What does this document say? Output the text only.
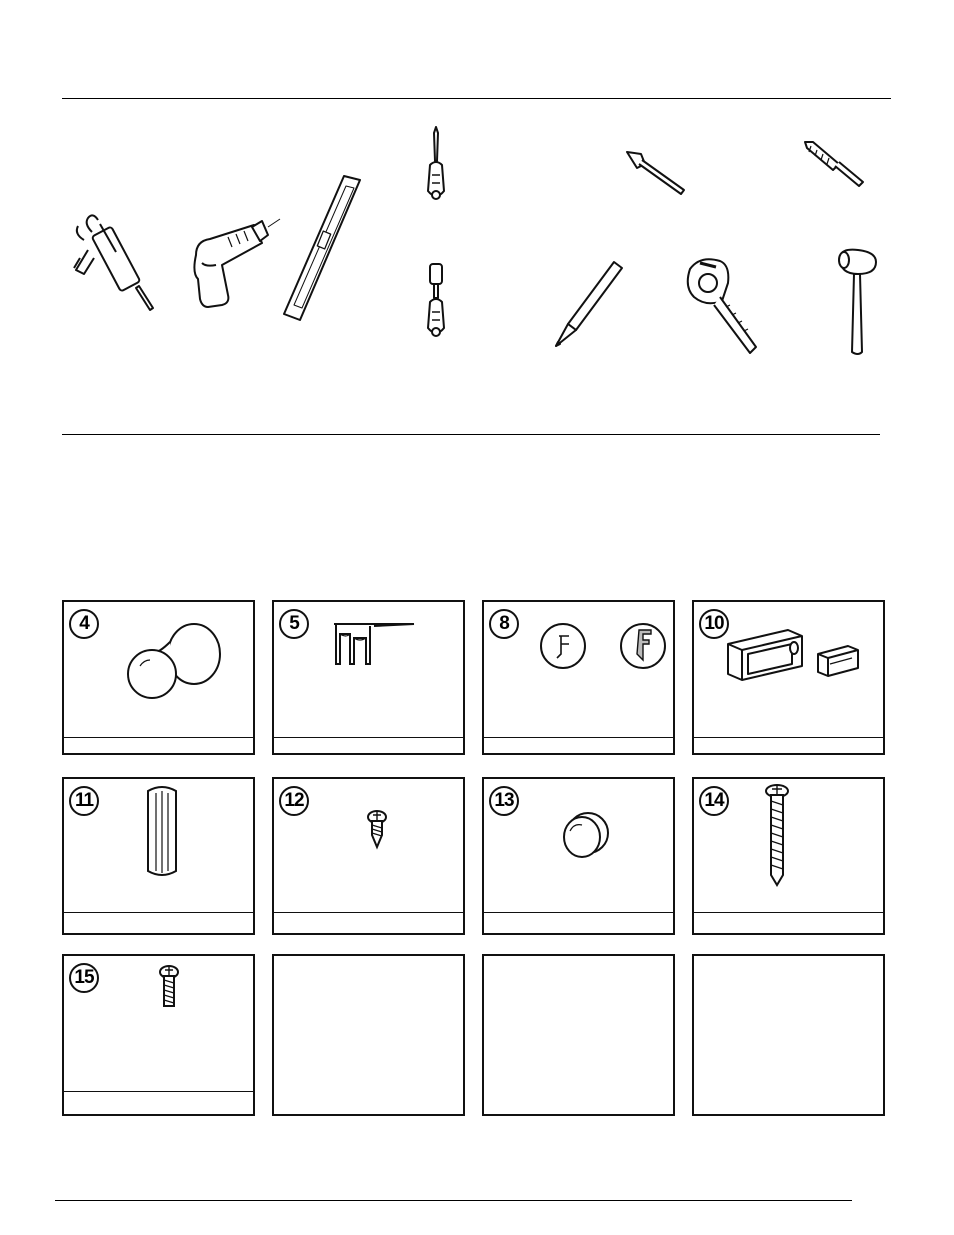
4	5	8	10
11	12	13	14
15
